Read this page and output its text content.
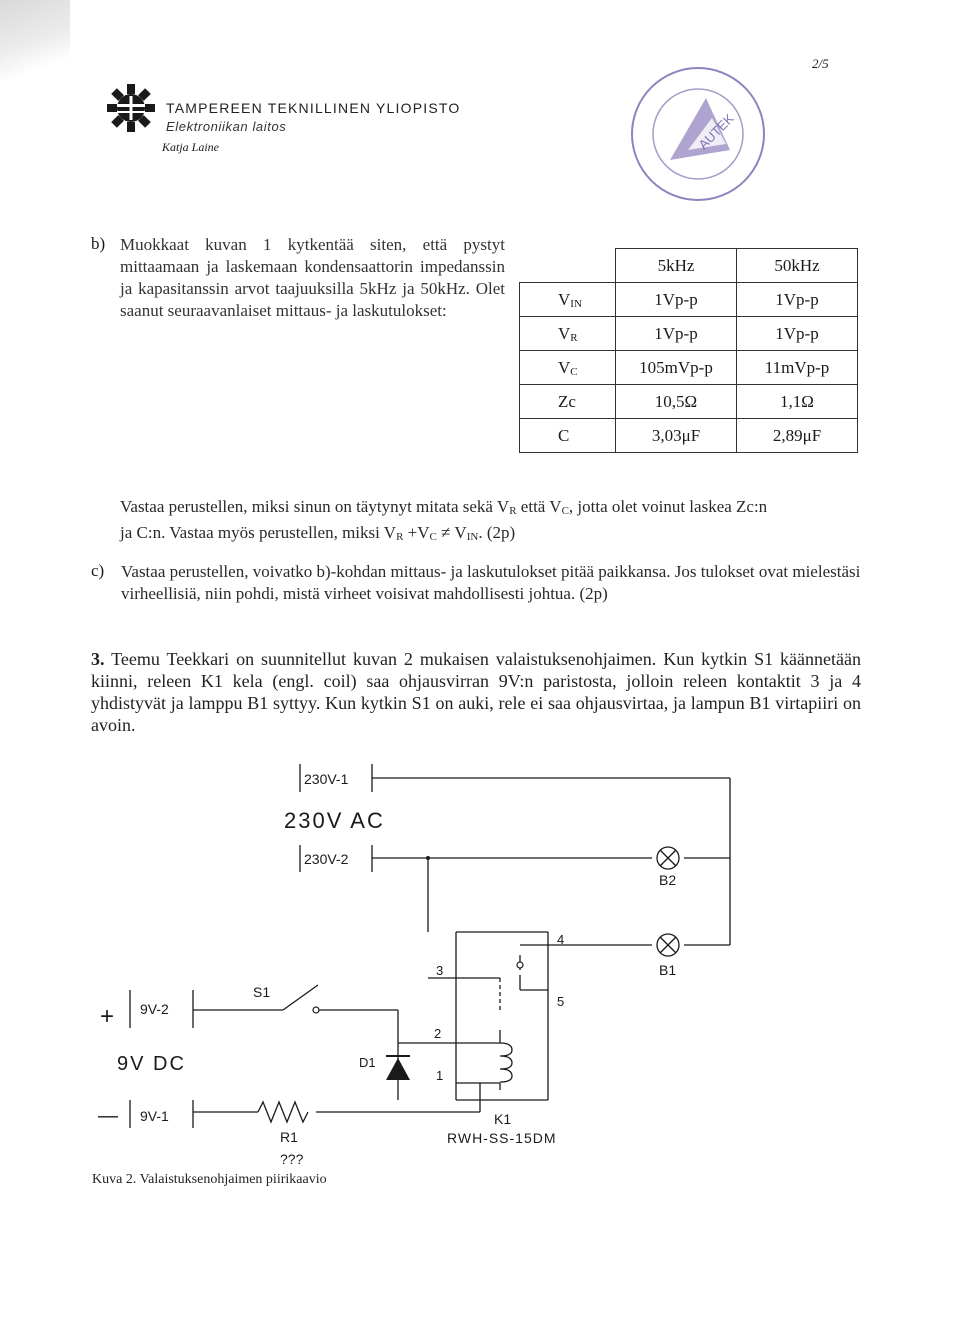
2/5
TAMPEREEN TEKNILLINEN YLIOPISTO
Elektroniikan laitos
Katja Laine	AUTEK
b) Muokkaat kuvan 1 kytkentää siten, että pystyt mittaamaan ja laskemaan kondensaattorin impedanssin ja kapasitanssin arvot taajuuksilla 5kHz ja 50kHz. Olet saanut seuraavanlaiset mittaus- ja laskutulokset:
	5kHz	50kHz
$V_{IN}$	1Vp-p	1Vp-p
$V_R$	1Vp-p	1Vp-p
$V_C$	105mVp-p	11mVp-p
Zc	10,5Ω	1,1Ω
C	3,03μF	2,89μF
Vastaa perustellen, miksi sinun on täytynyt mitata sekä $V_R$ että $V_C$, jotta olet voinut laskea Zc:n
ja C:n. Vastaa myös perustellen, miksi $V_R +V_C \ne V_{IN}$. (2p)
c) Vastaa perustellen, voivatko b)-kohdan mittaus- ja laskutulokset pitää paikkansa. Jos tulokset ovat mielestäsi virheellisiä, niin pohdi, mistä virheet voisivat mahdollisesti johtua. (2p)
3. Teemu Teekkari on suunnitellut kuvan 2 mukaisen valaistuksenohjaimen. Kun kytkin S1 käännetään kiinni, releen K1 kela (engl. coil) saa ohjausvirran 9V:n paristosta, jolloin releen kontaktit 3 ja 4 yhdistyvät ja lamppu B1 syttyy. Kun kytkin S1 on auki, rele ei saa ohjausvirtaa, ja lampun B1 virtapiiri on avoin.
230V-1
230V AC
230V-2
B2
B1
4
3
5
2
1
S1
+ 9V-2
9V DC	D1
— 9V-1
R1
???
K1
RWH-SS-15DM
Kuva 2. Valaistuksenohjaimen piirikaavio
